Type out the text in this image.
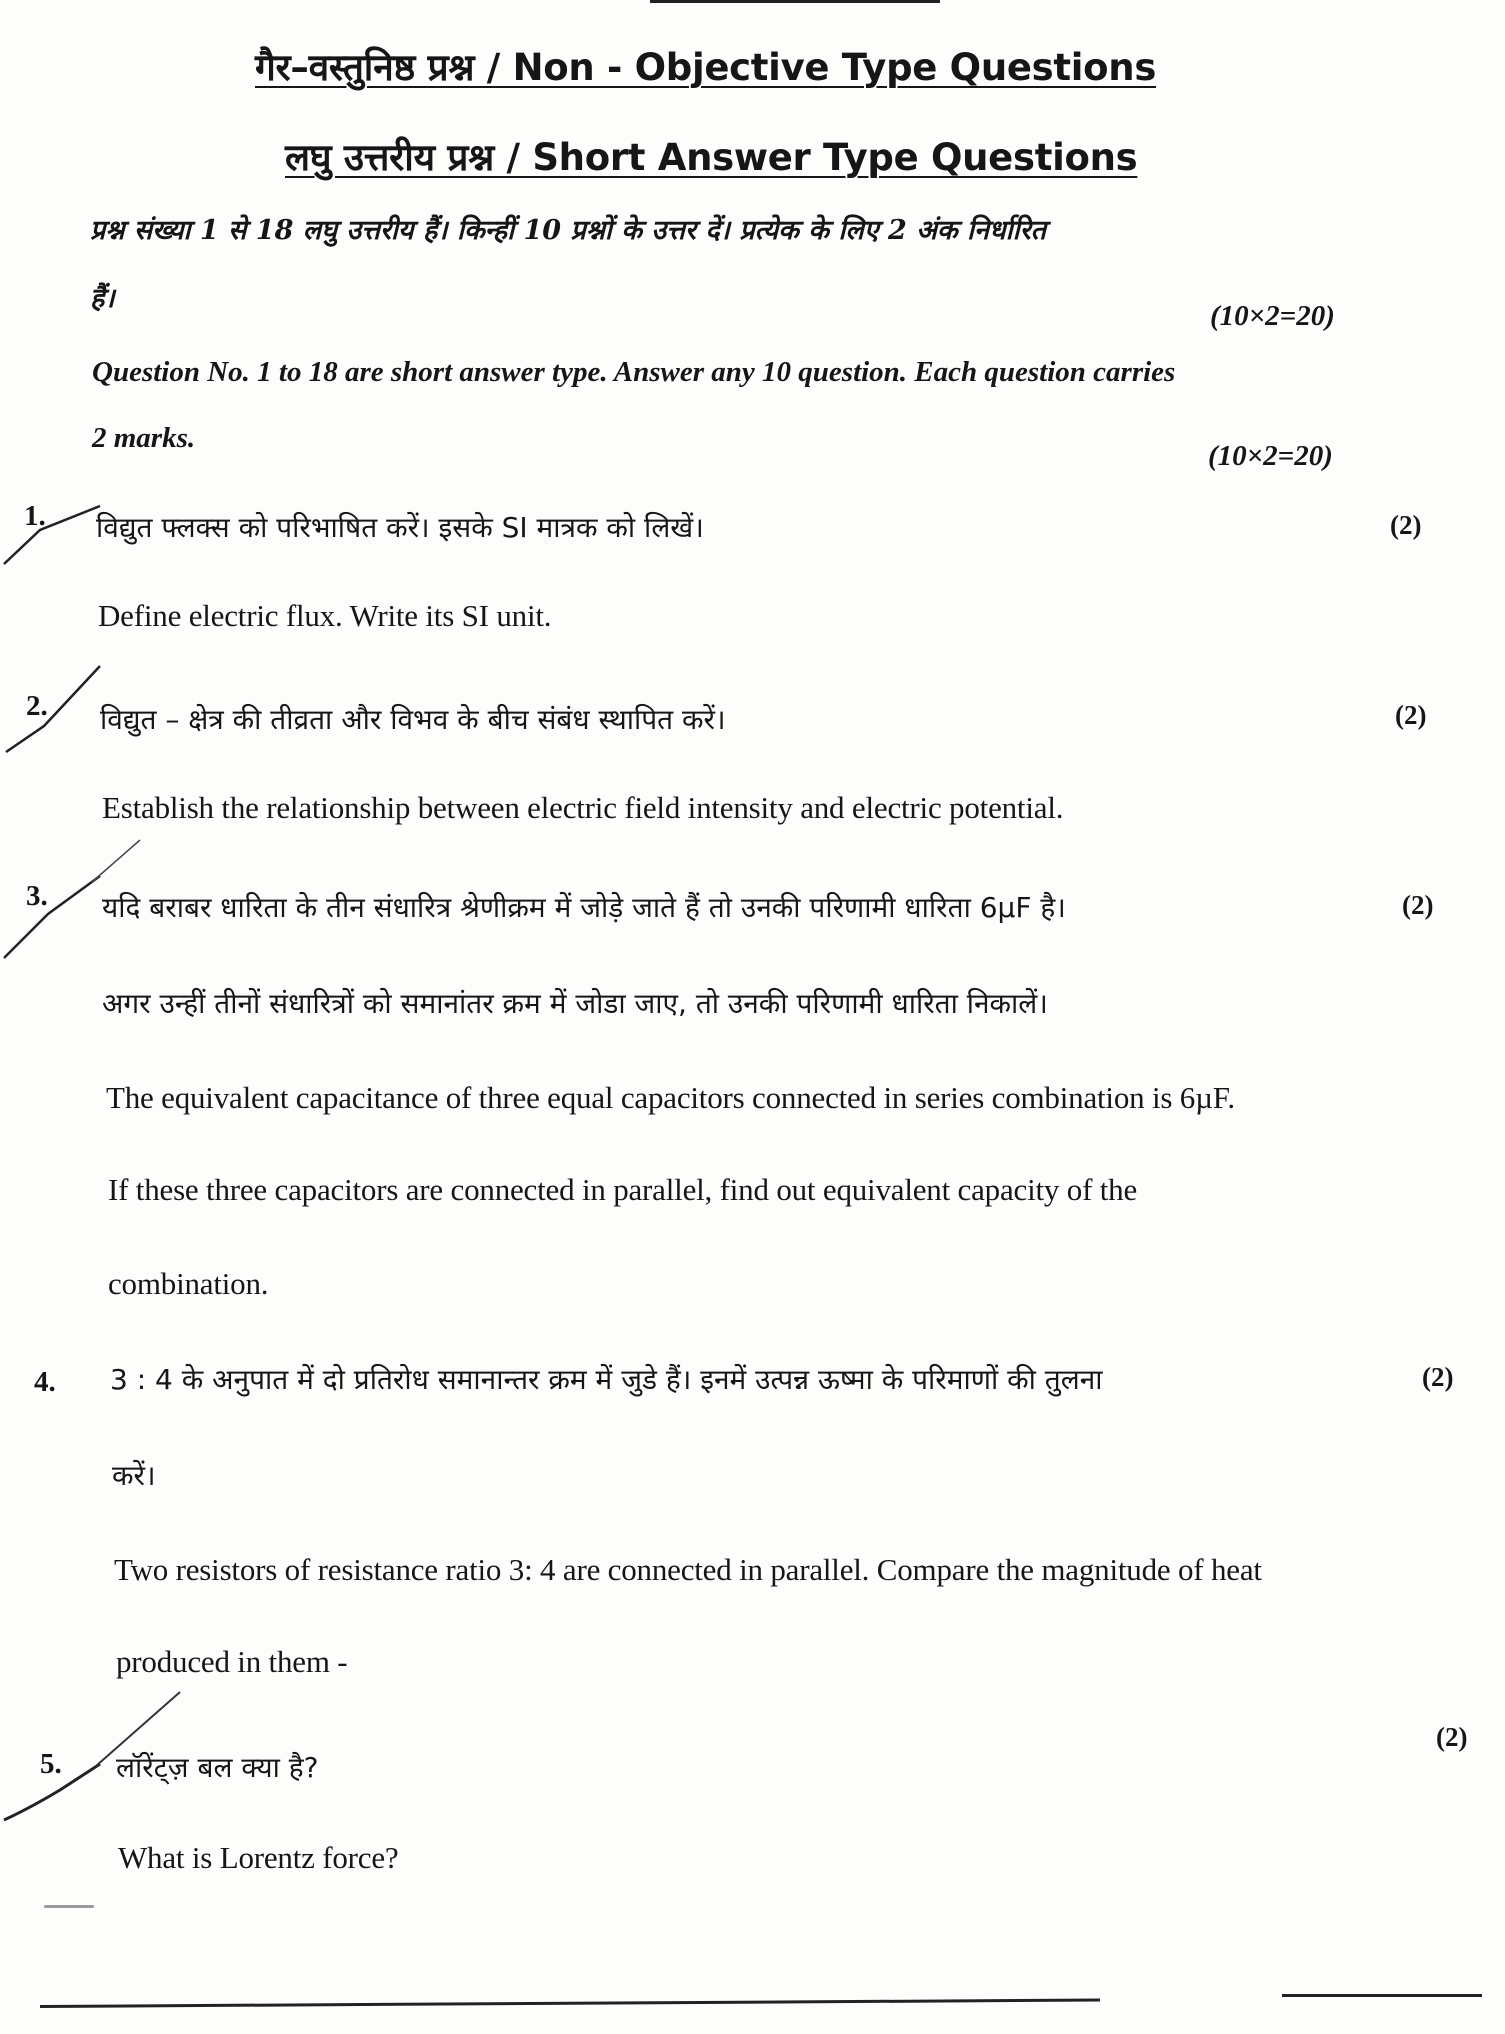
गैर–वस्तुनिष्ठ प्रश्न / Non - Objective Type Questions
लघु उत्तरीय प्रश्न / Short Answer Type Questions
प्रश्न संख्या 1 से 18 लघु उत्तरीय हैं। किन्हीं 10 प्रश्नों के उत्तर दें। प्रत्येक के लिए 2 अंक निर्धारित
हैं।
(10×2=20)
Question No. 1 to 18 are short answer type. Answer any 10 question. Each question carries
2 marks.
(10×2=20)
1. विद्युत फ्लक्स को परिभाषित करें। इसके SI मात्रक को लिखें।	(2)
Define electric flux. Write its SI unit.
2. विद्युत – क्षेत्र की तीव्रता और विभव के बीच संबंध स्थापित करें।	(2)
Establish the relationship between electric field intensity and electric potential.
3. यदि बराबर धारिता के तीन संधारित्र श्रेणीक्रम में जोड़े जाते हैं तो उनकी परिणामी धारिता 6µF है।	(2)
अगर उन्हीं तीनों संधारित्रों को समानांतर क्रम में जोडा जाए, तो उनकी परिणामी धारिता निकालें।
The equivalent capacitance of three equal capacitors connected in series combination is 6µF.
If these three capacitors are connected in parallel, find out equivalent capacity of the
combination.
4. 3 : 4 के अनुपात में दो प्रतिरोध समानान्तर क्रम में जुडे हैं। इनमें उत्पन्न ऊष्मा के परिमाणों की तुलना	(2)
करें।
Two resistors of resistance ratio 3: 4 are connected in parallel. Compare the magnitude of heat
produced in them -
(2)
5. लॉरेंट्ज़ बल क्या है?
What is Lorentz force?
